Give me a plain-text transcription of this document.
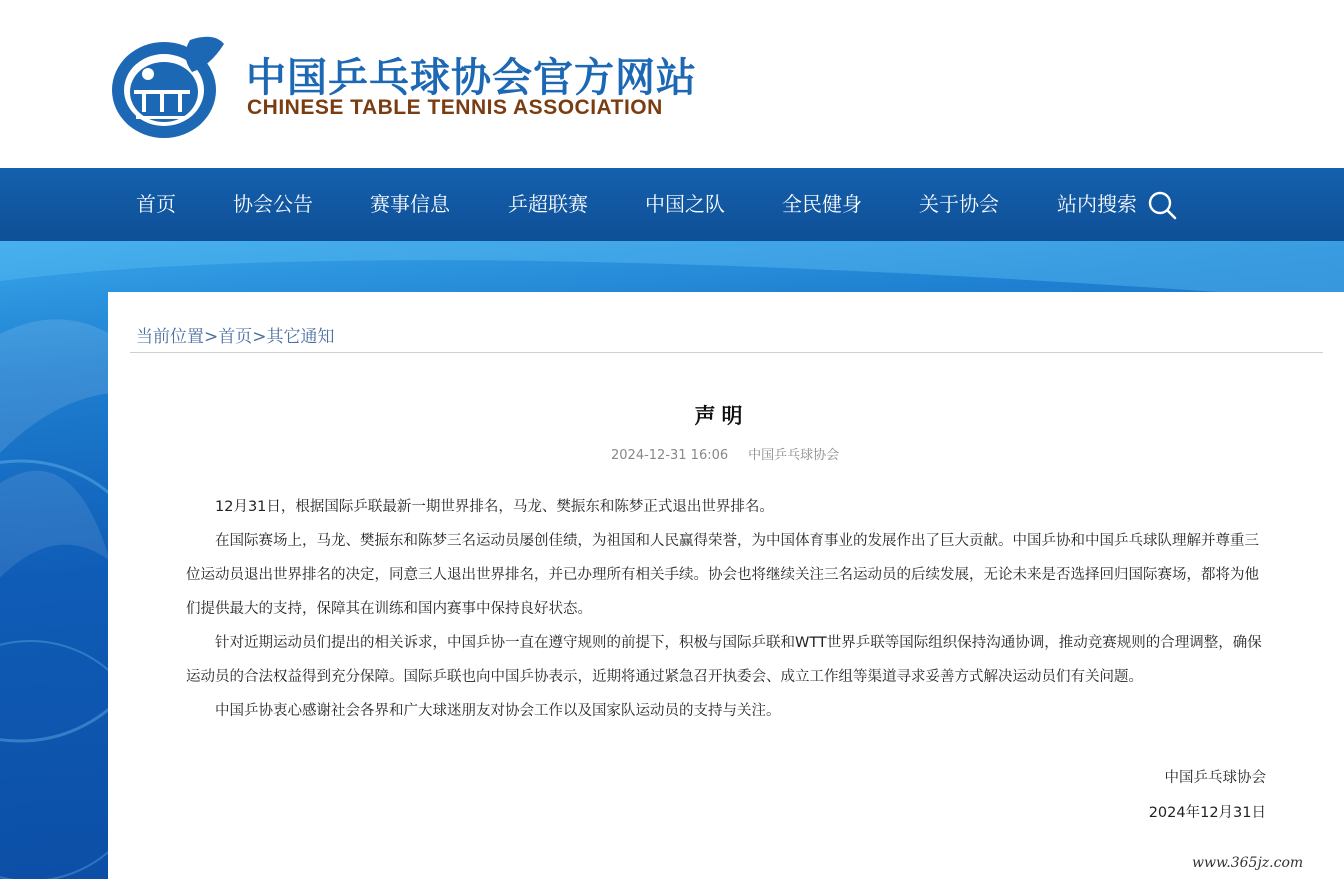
中国乒乓球协会官方网站
CHINESE TABLE TENNIS ASSOCIATION
首页	协会公告	赛事信息	乒超联赛	中国之队	全民健身	关于协会	站内搜索
当前位置>首页>其它通知
声明
2024-12-31 16:06 中国乒乓球协会

12月31日，根据国际乒联最新一期世界排名，马龙、樊振东和陈梦正式退出世界排名。

在国际赛场上，马龙、樊振东和陈梦三名运动员屡创佳绩，为祖国和人民赢得荣誉，为中国体育事业的发展作出了巨大贡献。中国乒协和中国乒乓球队理解并尊重三位运动员退出世界排名的决定，同意三人退出世界排名，并已办理所有相关手续。协会也将继续关注三名运动员的后续发展，无论未来是否选择回归国际赛场，都将为他们提供最大的支持，保障其在训练和国内赛事中保持良好状态。

针对近期运动员们提出的相关诉求，中国乒协一直在遵守规则的前提下，积极与国际乒联和WTT世界乒联等国际组织保持沟通协调，推动竞赛规则的合理调整，确保运动员的合法权益得到充分保障。国际乒联也向中国乒协表示，近期将通过紧急召开执委会、成立工作组等渠道寻求妥善方式解决运动员们有关问题。

中国乒协衷心感谢社会各界和广大球迷朋友对协会工作以及国家队运动员的支持与关注。

中国乒乓球协会
2024年12月31日
www.365jz.com
